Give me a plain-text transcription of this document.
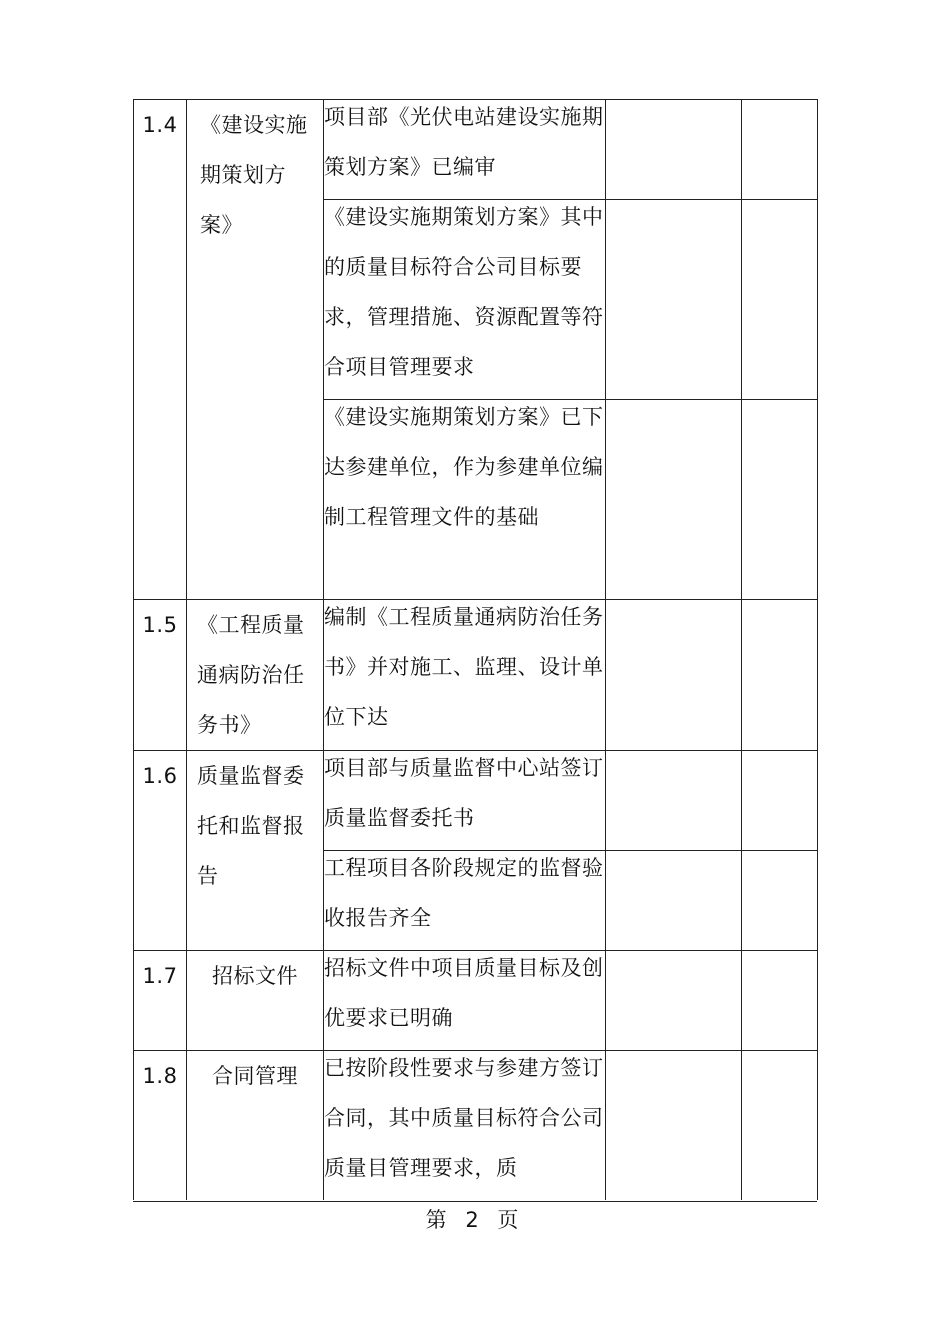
1.4	《建设实施期策划方案》	项目部《光伏电站建设实施期策划方案》已编审		

		《建设实施期策划方案》其中的质量目标符合公司目标要求，管理措施、资源配置等符合项目管理要求		

		《建设实施期策划方案》已下达参建单位，作为参建单位编制工程管理文件的基础		

1.5	《工程质量通病防治任务书》	编制《工程质量通病防治任务书》并对施工、监理、设计单位下达		

1.6	质量监督委托和监督报告	项目部与质量监督中心站签订质量监督委托书		

		工程项目各阶段规定的监督验收报告齐全		

1.7	招标文件	招标文件中项目质量目标及创优要求已明确		

1.8	合同管理	已按阶段性要求与参建方签订合同，其中质量目标符合公司质量目管理要求，质		

第 2 页
